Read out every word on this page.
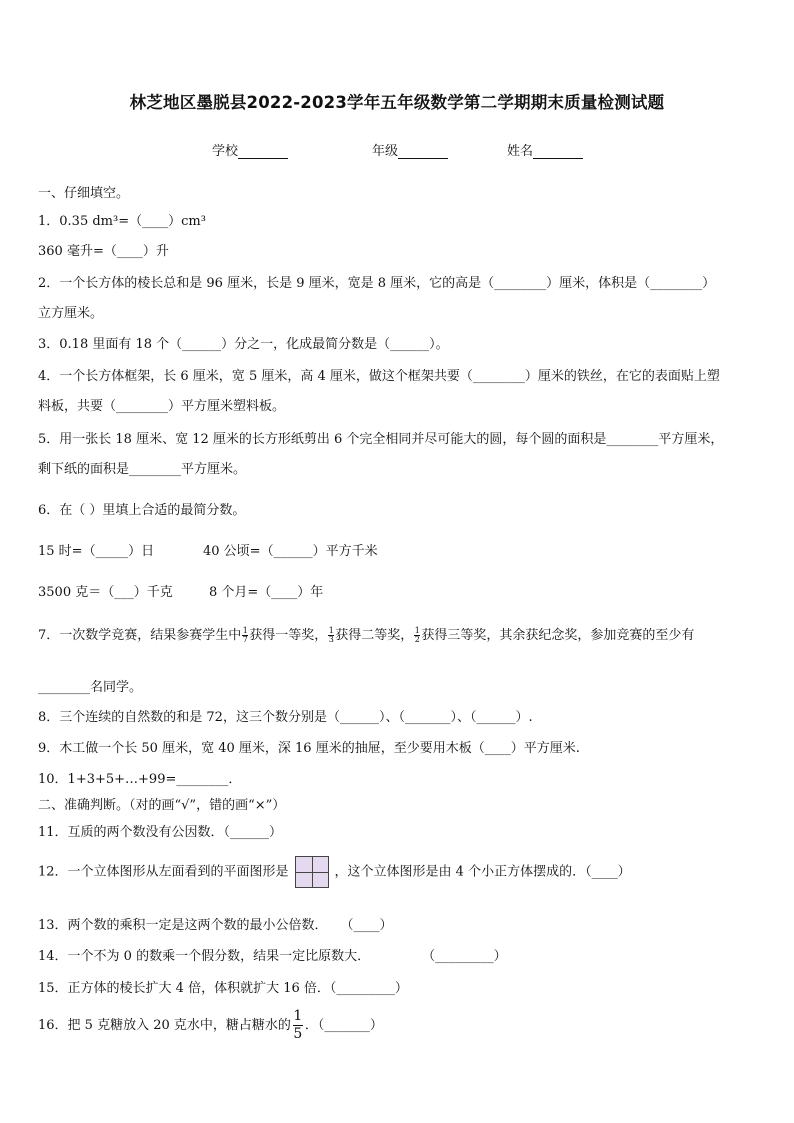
林芝地区墨脱县2022-2023学年五年级数学第二学期期末质量检测试题
学校	年级	姓名
一、仔细填空。
1．0.35 dm³=（____）cm³
360 毫升=（____）升
2．一个长方体的棱长总和是 96 厘米，长是 9 厘米，宽是 8 厘米，它的高是（________）厘米，体积是（________）
立方厘米。
3．0.18 里面有 18 个（______）分之一，化成最简分数是（______）。
4．一个长方体框架，长 6 厘米，宽 5 厘米，高 4 厘米，做这个框架共要（________）厘米的铁丝，在它的表面贴上塑
料板，共要（________）平方厘米塑料板。
5．用一张长 18 厘米、宽 12 厘米的长方形纸剪出 6 个完全相同并尽可能大的圆，每个圆的面积是________平方厘米，
剩下纸的面积是________平方厘米。
6．在（ ）里填上合适的最简分数。
15 时=（_____）日	40 公顷=（______）平方千米
3500 克＝（___）千克	8 个月=（____）年
7．一次数学竞赛，结果参赛学生中 $\frac{1}{7}$ 获得一等奖， $\frac{1}{3}$ 获得二等奖， $\frac{1}{2}$ 获得三等奖，其余获纪念奖，参加竞赛的至少有
________名同学。
8．三个连续的自然数的和是 72，这三个数分别是（______）、（_______）、（______）.
9．木工做一个长 50 厘米，宽 40 厘米，深 16 厘米的抽屉，至少要用木板（____）平方厘米.
10．1+3+5+…+99=________．
二、准确判断。（对的画“√”，错的画“×”）
11．互质的两个数没有公因数．（______）
12．一个立体图形从左面看到的平面图形是	，这个立体图形是由 4 个小正方体摆成的．（____）
13．两个数的乘积一定是这两个数的最小公倍数．　　（____）
14．一个不为 0 的数乘一个假分数，结果一定比原数大．　　　　　（_________）
15．正方体的棱长扩大 4 倍，体积就扩大 16 倍．（_________）
16．把 5 克糖放入 20 克水中，糖占糖水的 $\frac{1}{5}$ ．（_______）
